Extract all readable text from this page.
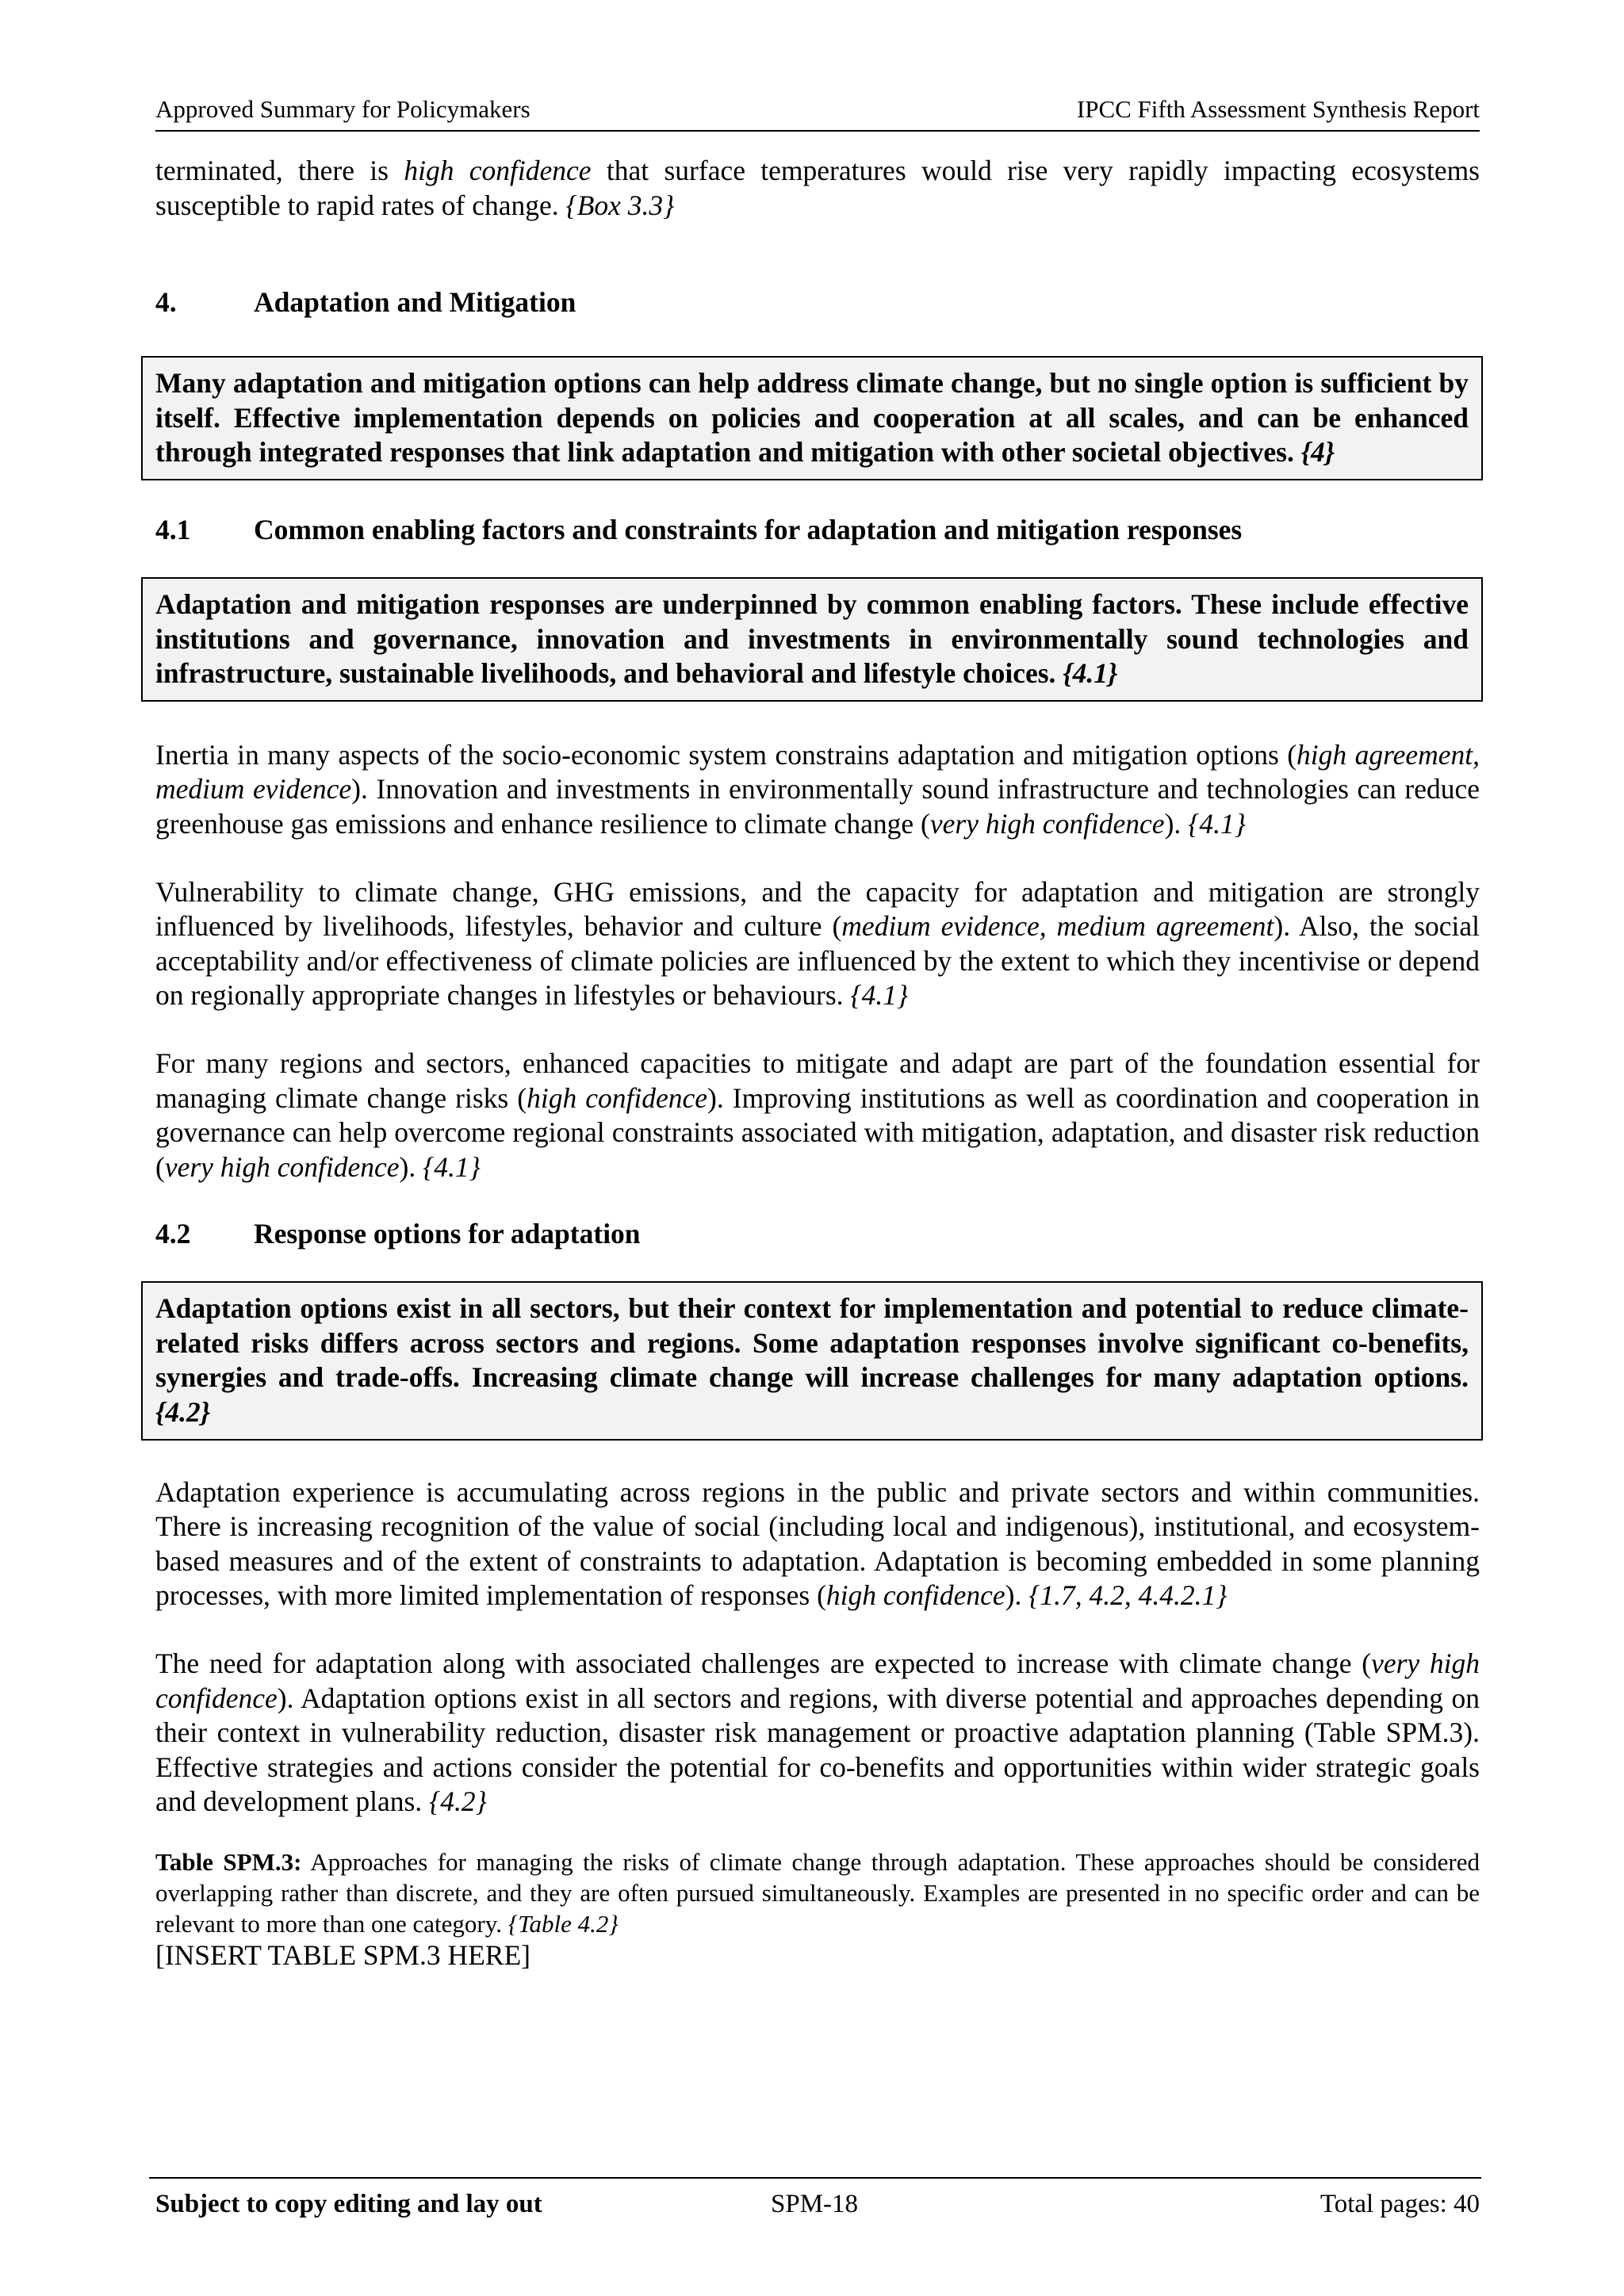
Approved Summary for Policymakers	IPCC Fifth Assessment Synthesis Report

terminated, there is high confidence that surface temperatures would rise very rapidly impacting ecosystems susceptible to rapid rates of change. {Box 3.3}

4.	Adaptation and Mitigation

Many adaptation and mitigation options can help address climate change, but no single option is sufficient by itself. Effective implementation depends on policies and cooperation at all scales, and can be enhanced through integrated responses that link adaptation and mitigation with other societal objectives. {4}

4.1	Common enabling factors and constraints for adaptation and mitigation responses

Adaptation and mitigation responses are underpinned by common enabling factors. These include effective institutions and governance, innovation and investments in environmentally sound technologies and infrastructure, sustainable livelihoods, and behavioral and lifestyle choices. {4.1}

Inertia in many aspects of the socio-economic system constrains adaptation and mitigation options (high agreement, medium evidence). Innovation and investments in environmentally sound infrastructure and technologies can reduce greenhouse gas emissions and enhance resilience to climate change (very high confidence). {4.1}

Vulnerability to climate change, GHG emissions, and the capacity for adaptation and mitigation are strongly influenced by livelihoods, lifestyles, behavior and culture (medium evidence, medium agreement). Also, the social acceptability and/or effectiveness of climate policies are influenced by the extent to which they incentivise or depend on regionally appropriate changes in lifestyles or behaviours. {4.1}

For many regions and sectors, enhanced capacities to mitigate and adapt are part of the foundation essential for managing climate change risks (high confidence). Improving institutions as well as coordination and cooperation in governance can help overcome regional constraints associated with mitigation, adaptation, and disaster risk reduction (very high confidence). {4.1}

4.2	Response options for adaptation

Adaptation options exist in all sectors, but their context for implementation and potential to reduce climate-related risks differs across sectors and regions. Some adaptation responses involve significant co-benefits, synergies and trade-offs. Increasing climate change will increase challenges for many adaptation options. {4.2}

Adaptation experience is accumulating across regions in the public and private sectors and within communities. There is increasing recognition of the value of social (including local and indigenous), institutional, and ecosystem-based measures and of the extent of constraints to adaptation. Adaptation is becoming embedded in some planning processes, with more limited implementation of responses (high confidence). {1.7, 4.2, 4.4.2.1}

The need for adaptation along with associated challenges are expected to increase with climate change (very high confidence). Adaptation options exist in all sectors and regions, with diverse potential and approaches depending on their context in vulnerability reduction, disaster risk management or proactive adaptation planning (Table SPM.3). Effective strategies and actions consider the potential for co-benefits and opportunities within wider strategic goals and development plans. {4.2}

Table SPM.3: Approaches for managing the risks of climate change through adaptation. These approaches should be considered overlapping rather than discrete, and they are often pursued simultaneously. Examples are presented in no specific order and can be relevant to more than one category. {Table 4.2}

[INSERT TABLE SPM.3 HERE]
Subject to copy editing and lay out	SPM-18	Total pages: 40
